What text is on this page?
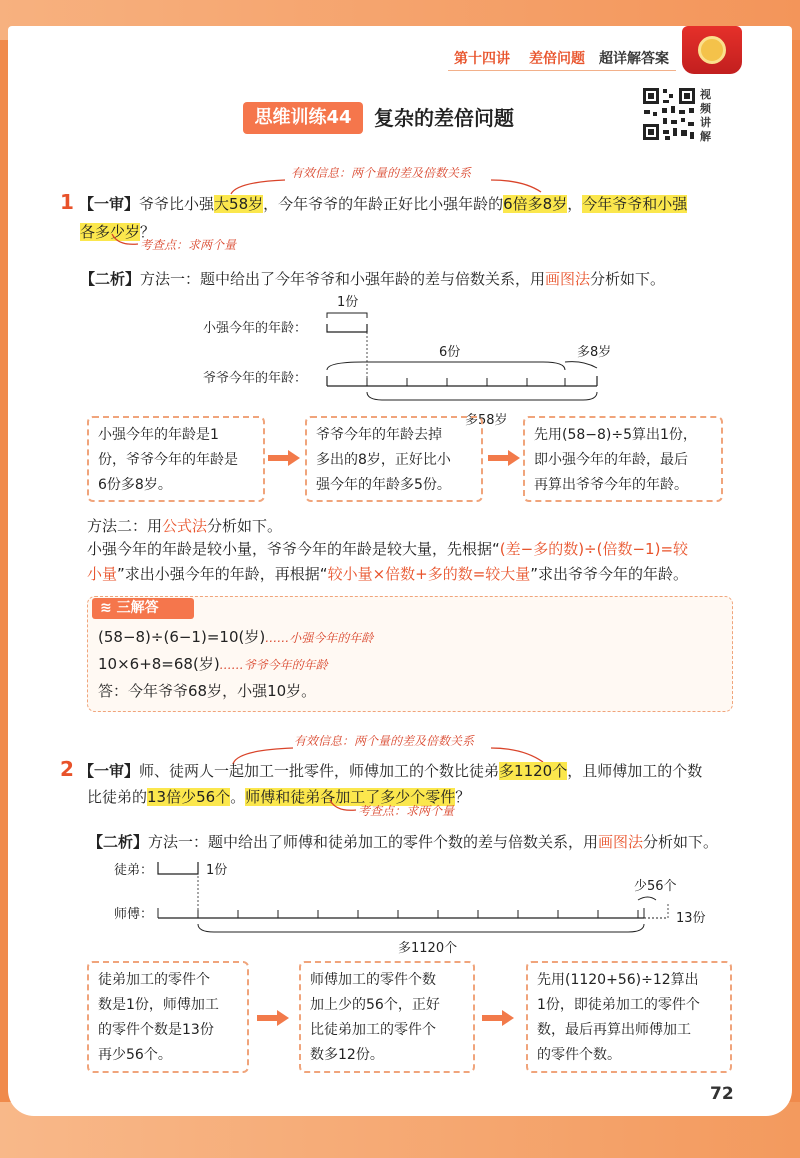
第十四讲 差倍问题 超详解答案
思维训练44	复杂的差倍问题
视频讲解
有效信息：两个量的差及倍数关系
1 【一审】爷爷比小强大58岁，今年爷爷的年龄正好比小强年龄的6倍多8岁，今年爷爷和小强
各多少岁？
考查点：求两个量
【二析】方法一：题中给出了今年爷爷和小强年龄的差与倍数关系，用画图法分析如下。
1份
小强今年的年龄：
6份	多8岁
爷爷今年的年龄：
多58岁
小强今年的年龄是1
份，爷爷今年的年龄是
6份多8岁。
爷爷今年的年龄去掉
多出的8岁，正好比小
强今年的年龄多5份。
先用(58−8)÷5算出1份，
即小强今年的年龄，最后
再算出爷爷今年的年龄。
方法二：用公式法分析如下。
小强今年的年龄是较小量，爷爷今年的年龄是较大量，先根据“(差−多的数)÷(倍数−1)=较
小量”求出小强今年的年龄，再根据“较小量×倍数+多的数=较大量”求出爷爷今年的年龄。
≋ 三解答
(58−8)÷(6−1)=10(岁)……小强今年的年龄
10×6+8=68(岁)……爷爷今年的年龄
答：今年爷爷68岁，小强10岁。
有效信息：两个量的差及倍数关系
2 【一审】师、徒两人一起加工一批零件，师傅加工的个数比徒弟多1120个，且师傅加工的个数
比徒弟的13倍少56个。师傅和徒弟各加工了多少个零件？
考查点：求两个量
【二析】方法一：题中给出了师傅和徒弟加工的零件个数的差与倍数关系，用画图法分析如下。
徒弟：	1份
少56个
师傅：	13份
多1120个
徒弟加工的零件个
数是1份，师傅加工
的零件个数是13份
再少56个。
师傅加工的零件个数
加上少的56个，正好
比徒弟加工的零件个
数多12份。
先用(1120+56)÷12算出
1份，即徒弟加工的零件个
数，最后再算出师傅加工
的零件个数。
72
